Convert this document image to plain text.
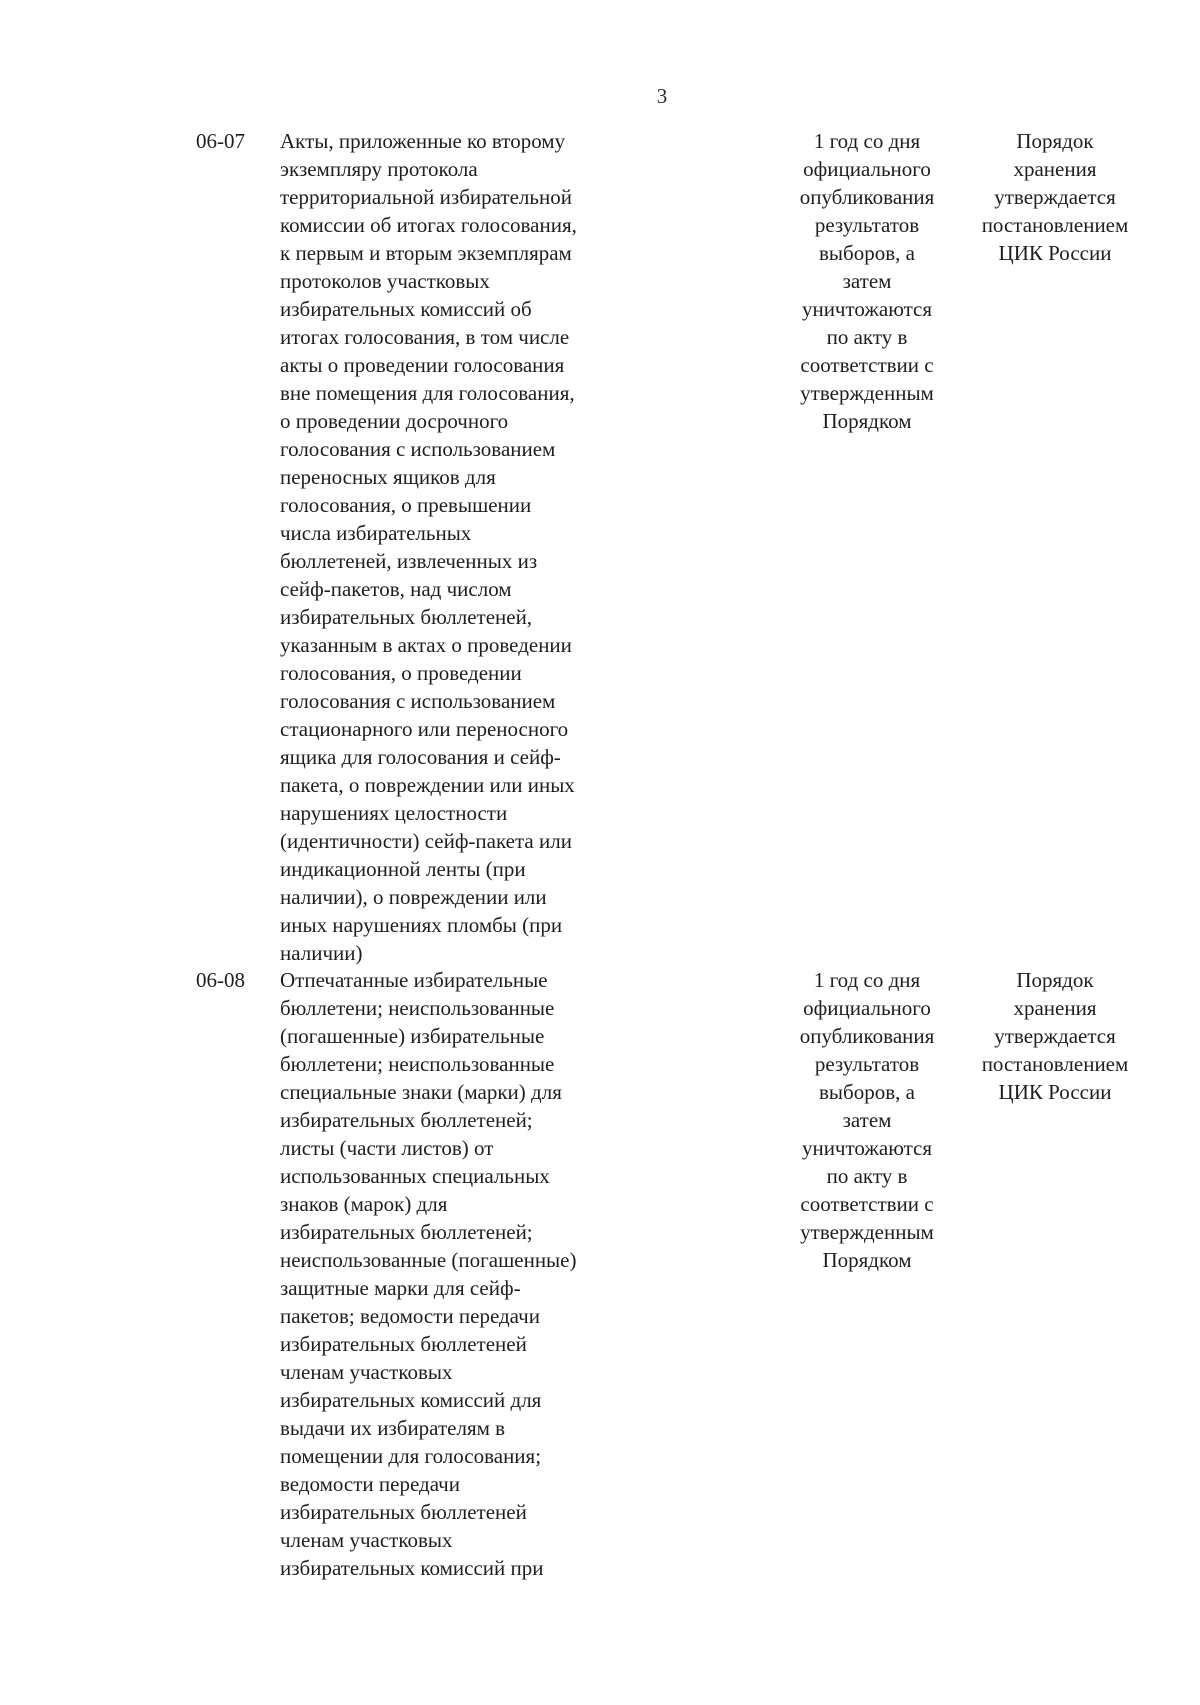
3
06-07	Акты, приложенные ко второму
экземпляру протокола
территориальной избирательной
комиссии об итогах голосования,
к первым и вторым экземплярам
протоколов участковых
избирательных комиссий об
итогах голосования, в том числе
акты о проведении голосования
вне помещения для голосования,
о проведении досрочного
голосования с использованием
переносных ящиков для
голосования, о превышении
числа избирательных
бюллетеней, извлеченных из
сейф-пакетов, над числом
избирательных бюллетеней,
указанным в актах о проведении
голосования, о проведении
голосования с использованием
стационарного или переносного
ящика для голосования и сейф-
пакета, о повреждении или иных
нарушениях целостности
(идентичности) сейф-пакета или
индикационной ленты (при
наличии), о повреждении или
иных нарушениях пломбы (при
наличии)
1 год со дня
официального
опубликования
результатов
выборов, а
затем
уничтожаются
по акту в
соответствии с
утвержденным
Порядком
Порядок
хранения
утверждается
постановлением
ЦИК России
06-08	Отпечатанные избирательные
бюллетени; неиспользованные
(погашенные) избирательные
бюллетени; неиспользованные
специальные знаки (марки) для
избирательных бюллетеней;
листы (части листов) от
использованных специальных
знаков (марок) для
избирательных бюллетеней;
неиспользованные (погашенные)
защитные марки для сейф-
пакетов; ведомости передачи
избирательных бюллетеней
членам участковых
избирательных комиссий для
выдачи их избирателям в
помещении для голосования;
ведомости передачи
избирательных бюллетеней
членам участковых
избирательных комиссий при
1 год со дня
официального
опубликования
результатов
выборов, а
затем
уничтожаются
по акту в
соответствии с
утвержденным
Порядком
Порядок
хранения
утверждается
постановлением
ЦИК России
